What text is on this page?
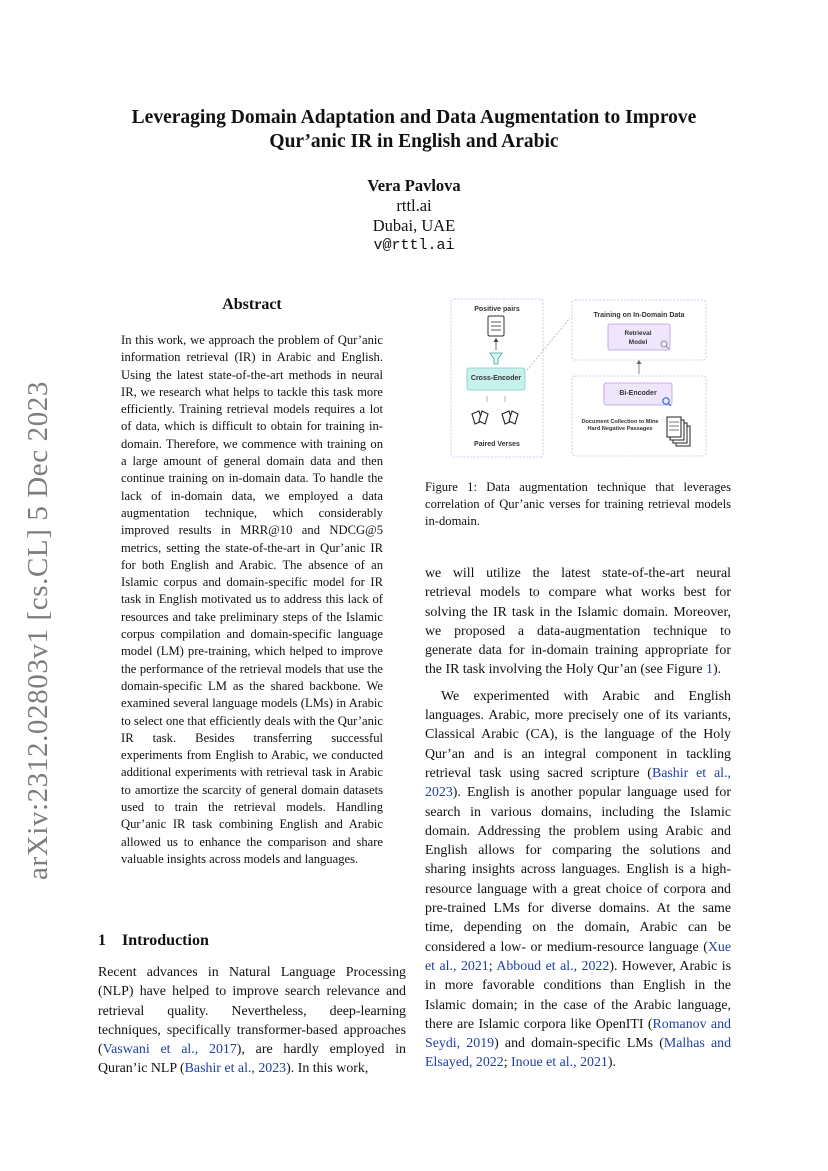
arXiv:2312.02803v1 [cs.CL] 5 Dec 2023
Leveraging Domain Adaptation and Data Augmentation to Improve Qur’anic IR in English and Arabic
Vera Pavlova
rttl.ai
Dubai, UAE
v@rttl.ai
Abstract
In this work, we approach the problem of Qur’anic information retrieval (IR) in Arabic and English. Using the latest state-of-the-art methods in neural IR, we research what helps to tackle this task more efficiently. Training retrieval models requires a lot of data, which is difficult to obtain for training in-domain. Therefore, we commence with training on a large amount of general domain data and then continue training on in-domain data. To handle the lack of in-domain data, we employed a data augmentation technique, which considerably improved results in MRR@10 and NDCG@5 metrics, setting the state-of-the-art in Qur’anic IR for both English and Arabic. The absence of an Islamic corpus and domain-specific model for IR task in English motivated us to address this lack of resources and take preliminary steps of the Islamic corpus compilation and domain-specific language model (LM) pre-training, which helped to improve the performance of the retrieval models that use the domain-specific LM as the shared backbone. We examined several language models (LMs) in Arabic to select one that efficiently deals with the Qur’anic IR task. Besides transferring successful experiments from English to Arabic, we conducted additional experiments with retrieval task in Arabic to amortize the scarcity of general domain datasets used to train the retrieval models. Handling Qur’anic IR task combining English and Arabic allowed us to enhance the comparison and share valuable insights across models and languages.
1 Introduction
Recent advances in Natural Language Processing (NLP) have helped to improve search relevance and retrieval quality. Nevertheless, deep-learning techniques, specifically transformer-based approaches (Vaswani et al., 2017), are hardly employed in Quran’ic NLP (Bashir et al., 2023). In this work,
Positive pairs
Cross-Encoder
Paired Verses
Training on In-Domain Data
Retrieval Model
Bi-Encoder
Document Collection to Mine Hard Negative Passages
Figure 1: Data augmentation technique that leverages correlation of Qur’anic verses for training retrieval models in-domain.

we will utilize the latest state-of-the-art neural retrieval models to compare what works best for solving the IR task in the Islamic domain. Moreover, we proposed a data-augmentation technique to generate data for in-domain training appropriate for the IR task involving the Holy Qur’an (see Figure 1).

We experimented with Arabic and English languages. Arabic, more precisely one of its variants, Classical Arabic (CA), is the language of the Holy Qur’an and is an integral component in tackling retrieval task using sacred scripture (Bashir et al., 2023). English is another popular language used for search in various domains, including the Islamic domain. Addressing the problem using Arabic and English allows for comparing the solutions and sharing insights across languages. English is a high-resource language with a great choice of corpora and pre-trained LMs for diverse domains. At the same time, depending on the domain, Arabic can be considered a low- or medium-resource language (Xue et al., 2021; Abboud et al., 2022). However, Arabic is in more favorable conditions than English in the Islamic domain; in the case of the Arabic language, there are Islamic corpora like OpenITI (Romanov and Seydi, 2019) and domain-specific LMs (Malhas and Elsayed, 2022; Inoue et al., 2021).
